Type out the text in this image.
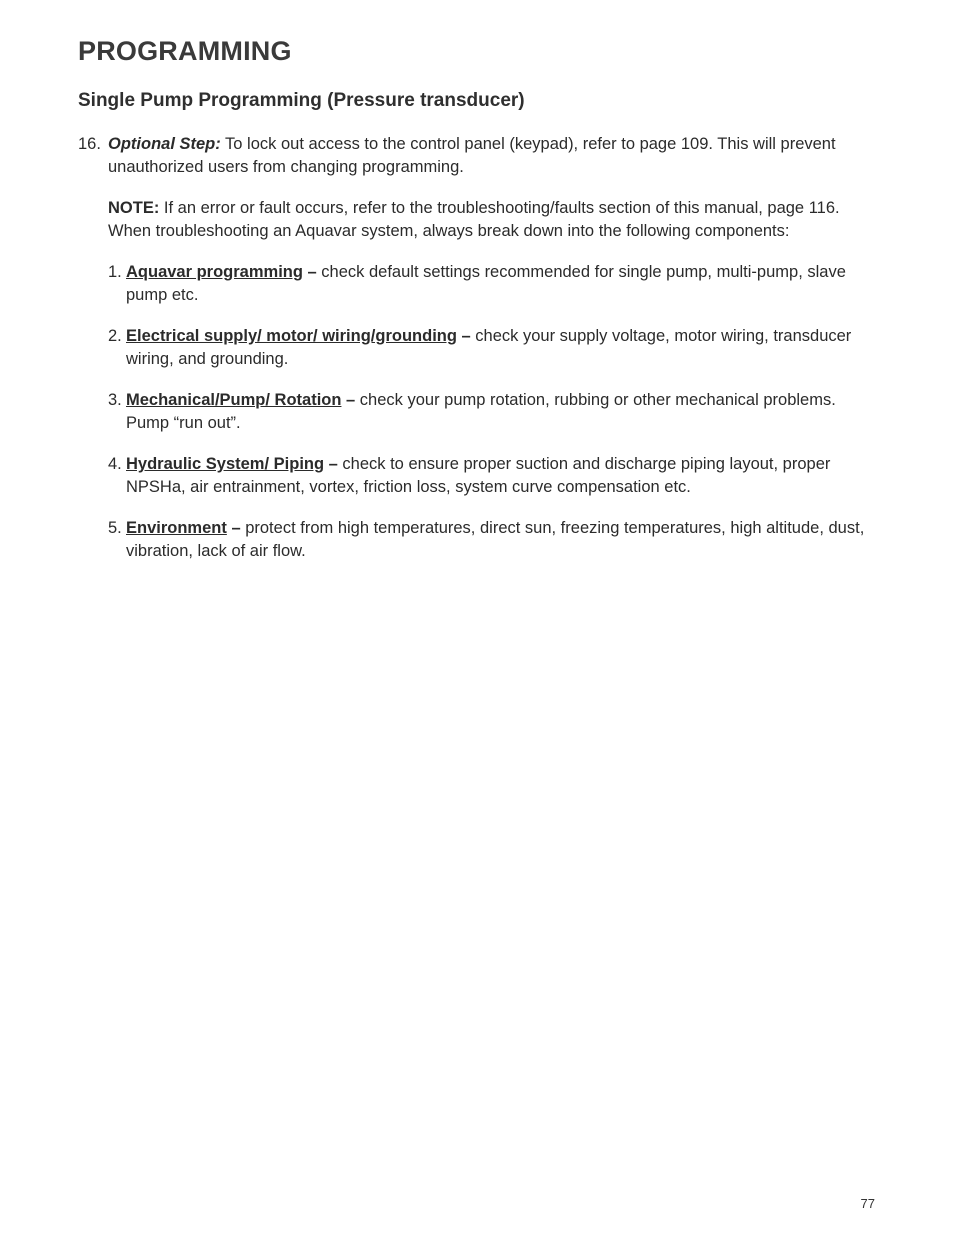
PROGRAMMING
Single Pump Programming (Pressure transducer)
16. Optional Step: To lock out access to the control panel (keypad), refer to page 109. This will prevent unauthorized users from changing programming.
NOTE: If an error or fault occurs, refer to the troubleshooting/faults section of this manual, page 116. When troubleshooting an Aquavar system, always break down into the following components:
1. Aquavar programming – check default settings recommended for single pump, multi-pump, slave pump etc.
2. Electrical supply/ motor/ wiring/grounding – check your supply voltage, motor wiring, transducer wiring, and grounding.
3. Mechanical/Pump/ Rotation – check your pump rotation, rubbing or other mechanical problems. Pump “run out”.
4. Hydraulic System/ Piping – check to ensure proper suction and discharge piping layout, proper NPSHa, air entrainment, vortex, friction loss, system curve compensation etc.
5. Environment – protect from high temperatures, direct sun, freezing temperatures, high altitude, dust, vibration, lack of air flow.
77
